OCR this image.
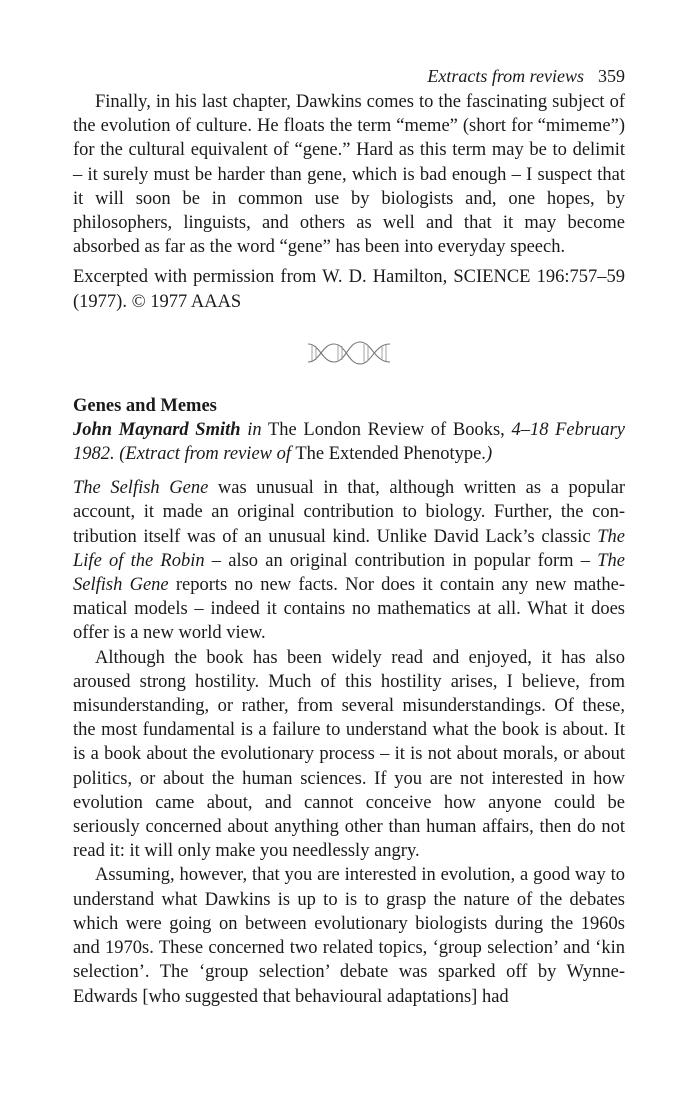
Extracts from reviews 359

Finally, in his last chapter, Dawkins comes to the fascinating subject of the evolution of culture. He floats the term “meme” (short for “mimeme”) for the cultural equivalent of “gene.” Hard as this term may be to delimit – it surely must be harder than gene, which is bad enough – I suspect that it will soon be in common use by biologists and, one hopes, by philosophers, linguists, and others as well and that it may become absorbed as far as the word “gene” has been into everyday speech.

Excerpted with permission from W. D. Hamilton, SCIENCE 196:757–59 (1977). © 1977 AAAS

Genes and Memes
John Maynard Smith in The London Review of Books, 4–18 February 1982. (Extract from review of The Extended Phenotype.)

The Selfish Gene was unusual in that, although written as a popular account, it made an original contribution to biology. Further, the contribution itself was of an unusual kind. Unlike David Lack’s classic The Life of the Robin – also an original contribution in popular form – The Selfish Gene reports no new facts. Nor does it contain any new mathematical models – indeed it contains no mathematics at all. What it does offer is a new world view.

Although the book has been widely read and enjoyed, it has also aroused strong hostility. Much of this hostility arises, I believe, from misunderstanding, or rather, from several misunderstandings. Of these, the most fundamental is a failure to understand what the book is about. It is a book about the evolutionary process – it is not about morals, or about politics, or about the human sciences. If you are not interested in how evolution came about, and cannot conceive how anyone could be seriously concerned about anything other than human affairs, then do not read it: it will only make you needlessly angry.

Assuming, however, that you are interested in evolution, a good way to understand what Dawkins is up to is to grasp the nature of the debates which were going on between evolutionary biologists during the 1960s and 1970s. These concerned two related topics, ‘group selection’ and ‘kin selection’. The ‘group selection’ debate was sparked off by Wynne-Edwards [who suggested that behavioural adaptations] had
